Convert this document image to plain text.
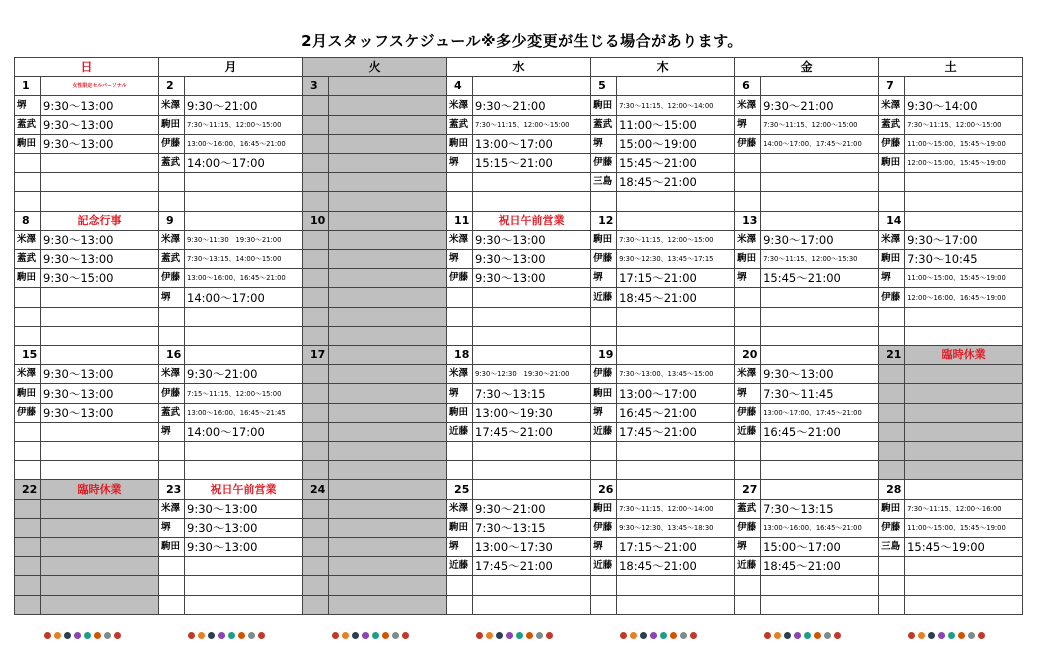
2月スタッフスケジュール※多少変更が生じる場合があります。
日		月		火		水		木		金		土	
1	女性限定セルパーソナル	2		3		4		5		6		7	
堺	9:30～13:00	米澤	9:30～21:00			米澤	9:30～21:00	駒田	7:30～11:15、12:00～14:00	米澤	9:30～21:00	米澤	9:30～14:00
蓋武	9:30～13:00	駒田	7:30～11:15、12:00～15:00			蓋武	7:30～11:15、12:00～15:00	蓋武	11:00～15:00	堺	7:30～11:15、12:00～15:00	蓋武	7:30～11:15、12:00～15:00
駒田	9:30～13:00	伊藤	13:00～16:00、16:45～21:00			駒田	13:00～17:00	堺	15:00～19:00	伊藤	14:00～17:00、17:45～21:00	伊藤	11:00～15:00、15:45～19:00
		蓋武	14:00～17:00			堺	15:15～21:00	伊藤	15:45～21:00			駒田	12:00～15:00、15:45～19:00
								三島	18:45～21:00				

8	記念行事	9		10		11	祝日午前営業	12		13		14	
米澤	9:30～13:00	米澤	9:30～11:30　19:30～21:00			米澤	9:30～13:00	駒田	7:30～11:15、12:00～15:00	米澤	9:30～17:00	米澤	9:30～17:00
蓋武	9:30～13:00	蓋武	7:30～13:15、14:00～15:00			堺	9:30～13:00	伊藤	9:30～12:30、13:45～17:15	駒田	7:30～11:15、12:00～15:30	駒田	7:30～10:45
駒田	9:30～15:00	伊藤	13:00～16:00、16:45～21:00			伊藤	9:30～13:00	堺	17:15～21:00	堺	15:45～21:00	堺	11:00～15:00、15:45～19:00
		堺	14:00～17:00					近藤	18:45～21:00			伊藤	12:00～16:00、16:45～19:00

15		16		17		18		19		20		21	臨時休業
米澤	9:30～13:00	米澤	9:30～21:00			米澤	9:30～12:30　19:30～21:00	伊藤	7:30～13:00、13:45～15:00	米澤	9:30～13:00		
駒田	9:30～13:00	伊藤	7:15～11:15、12:00～15:00			堺	7:30～13:15	駒田	13:00～17:00	堺	7:30～11:45		
伊藤	9:30～13:00	蓋武	13:00～16:00、16:45～21:45			駒田	13:00～19:30	堺	16:45～21:00	伊藤	13:00～17:00、17:45～21:00		
		堺	14:00～17:00			近藤	17:45～21:00	近藤	17:45～21:00	近藤	16:45～21:00		

22	臨時休業	23	祝日午前営業	24		25		26		27		28	
		米澤	9:30～13:00			米澤	9:30～21:00	駒田	7:30～11:15、12:00～14:00	蓋武	7:30～13:15	駒田	7:30～11:15、12:00～16:00
		堺	9:30～13:00			駒田	7:30～13:15	伊藤	9:30～12:30、13:45～18:30	伊藤	13:00～16:00、16:45～21:00	伊藤	11:00～15:00、15:45～19:00
		駒田	9:30～13:00			堺	13:00～17:30	堺	17:15～21:00	堺	15:00～17:00	三島	15:45～19:00
						近藤	17:45～21:00	近藤	18:45～21:00	近藤	18:45～21:00		
